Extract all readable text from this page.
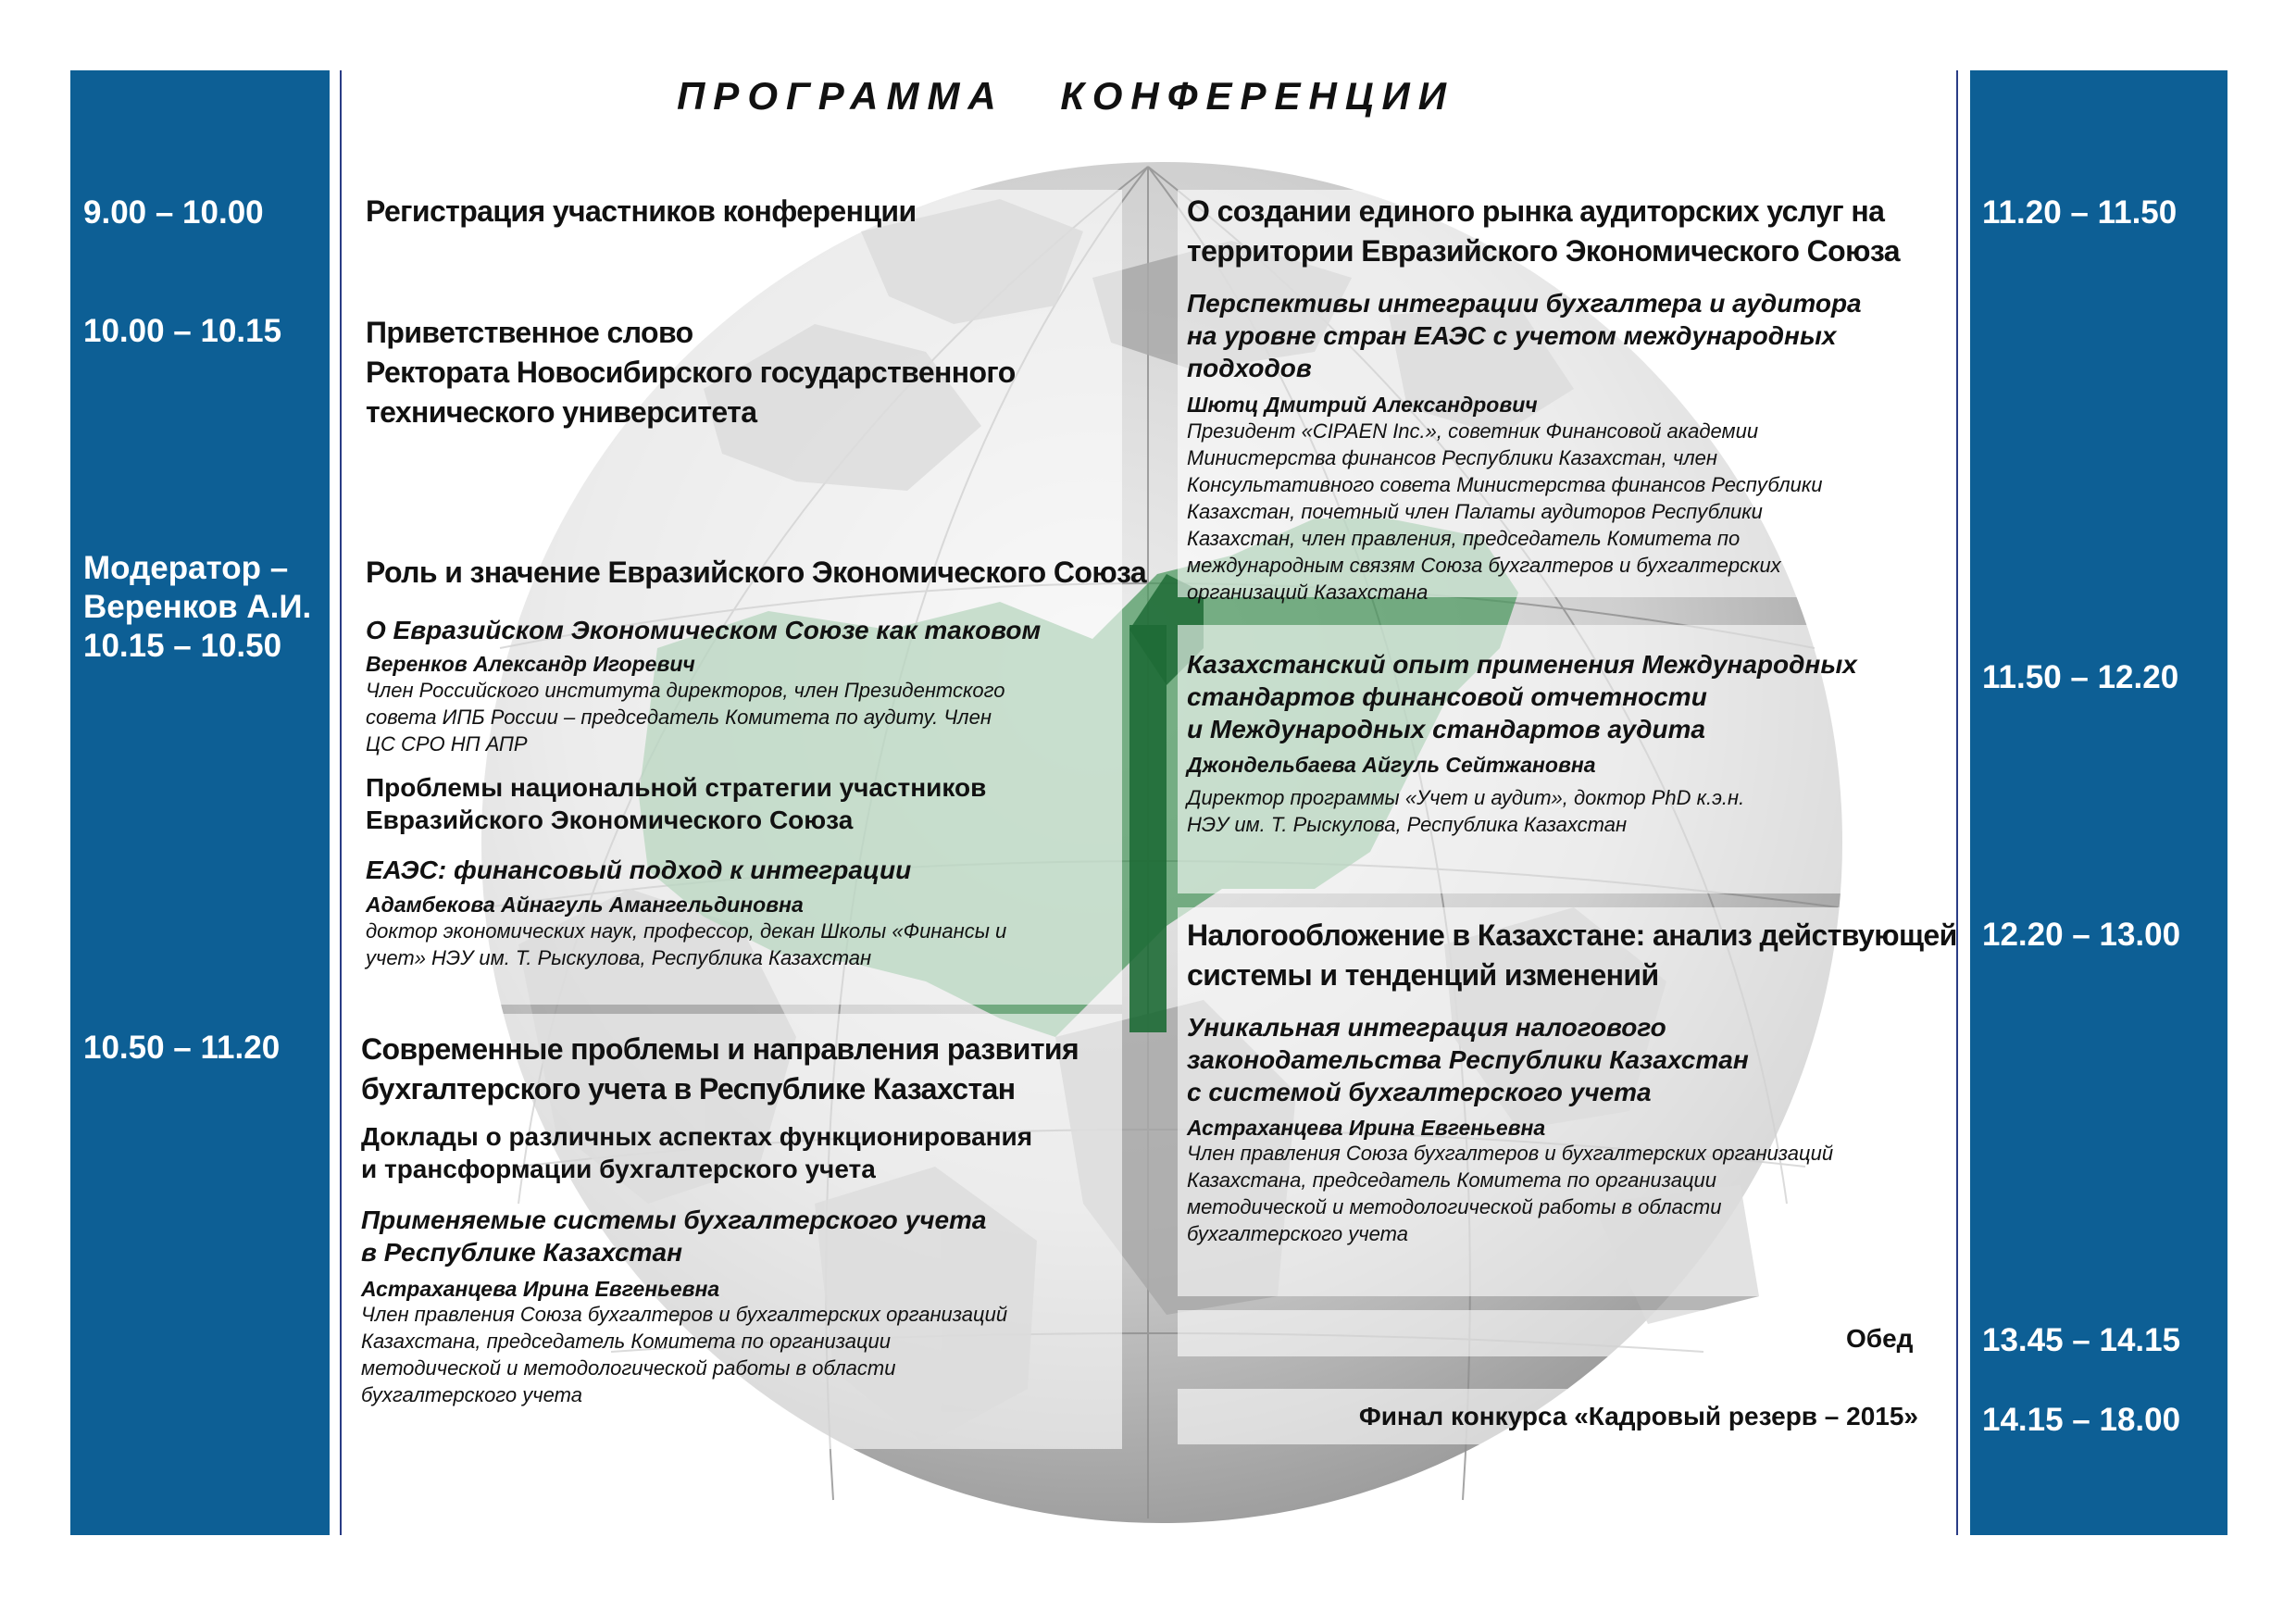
ПРОГРАММА КОНФЕРЕНЦИИ
9.00 – 10.00
10.00 – 10.15
Модератор –
Веренков А.И.
10.15 – 10.50
10.50 – 11.20
11.20 – 11.50
11.50 – 12.20
12.20 – 13.00
13.45 – 14.15
14.15 – 18.00
Регистрация участников конференции
Приветственное слово
Ректората Новосибирского государственного
технического университета
Роль и значение Евразийского Экономического Союза
О Евразийском Экономическом Союзе как таковом
Веренков Александр Игоревич
Член Российского института директоров, член Президентского
совета ИПБ России – председатель Комитета по аудиту. Член
ЦС СРО НП АПР
Проблемы национальной стратегии участников
Евразийского Экономического Союза
ЕАЭС: финансовый подход к интеграции
Адамбекова Айнагуль Амангельдиновна
доктор экономических наук, профессор, декан Школы «Финансы и
учет» НЭУ им. Т. Рыскулова, Республика Казахстан
Современные проблемы и направления развития
бухгалтерского учета в Республике Казахстан
Доклады о различных аспектах функционирования
и трансформации бухгалтерского учета
Применяемые системы бухгалтерского учета
в Республике Казахстан
Астраханцева Ирина Евгеньевна
Член правления Союза бухгалтеров и бухгалтерских организаций
Казахстана, председатель Комитета по организации
методической и методологической работы в области
бухгалтерского учета
О создании единого рынка аудиторских услуг на
территории Евразийского Экономического Союза
Перспективы интеграции бухгалтера и аудитора
на уровне стран ЕАЭС с учетом международных
подходов
Шютц Дмитрий Александрович
Президент «CIPAEN Inc.», советник Финансовой академии
Министерства финансов Республики Казахстан, член
Консультативного совета Министерства финансов Республики
Казахстан, почетный член Палаты аудиторов Республики
Казахстан, член правления, председатель Комитета по
международным связям Союза бухгалтеров и бухгалтерских
организаций Казахстана
Казахстанский опыт применения Международных
стандартов финансовой отчетности
и Международных стандартов аудита
Джондельбаева Айгуль Сейтжановна
Директор программы «Учет и аудит», доктор PhD к.э.н.
НЭУ им. Т. Рыскулова, Республика Казахстан
Налогообложение в Казахстане: анализ действующей
системы и тенденций изменений
Уникальная интеграция налогового
законодательства Республики Казахстан
с системой бухгалтерского учета
Астраханцева Ирина Евгеньевна
Член правления Союза бухгалтеров и бухгалтерских организаций
Казахстана, председатель Комитета по организации
методической и методологической работы в области
бухгалтерского учета
Обед
Финал конкурса «Кадровый резерв – 2015»
